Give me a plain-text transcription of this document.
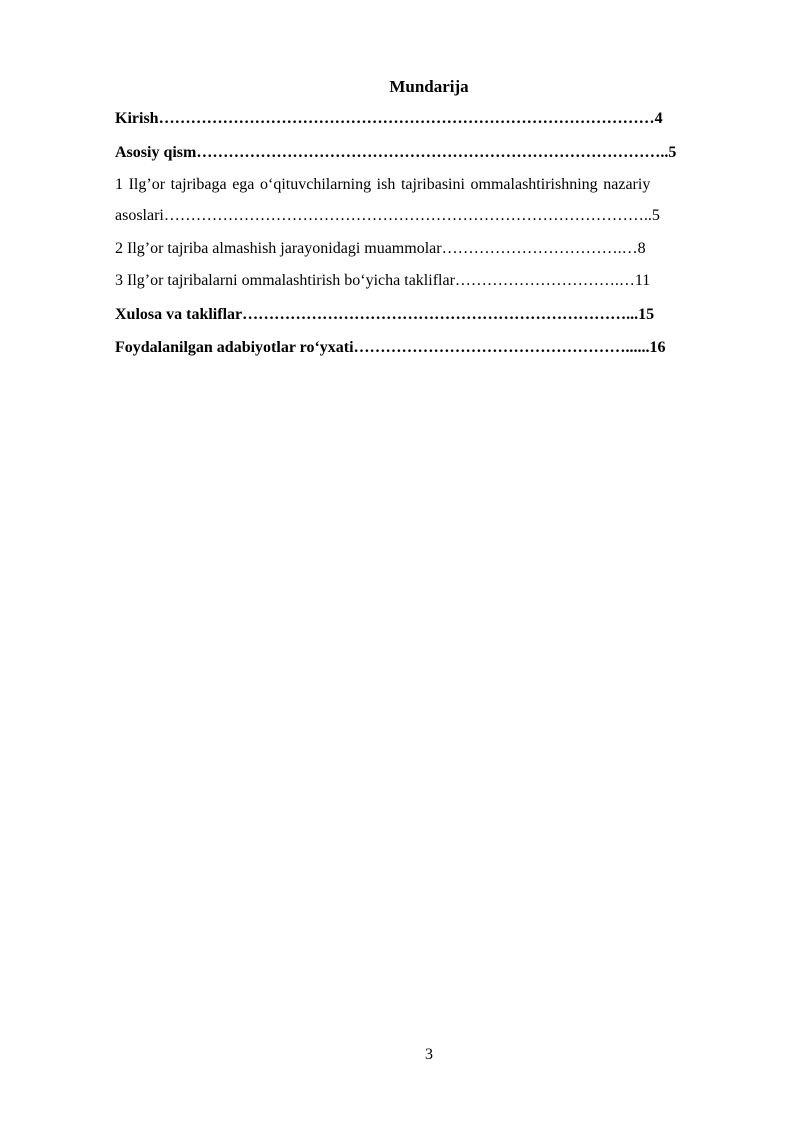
Mundarija
Kirish…………………………………………………………………………………4
Asosiy qism……………………………………………………………………………..5
1 Ilg’or tajribaga ega o‘qituvchilarning ish tajribasini ommalashtirishning nazariy
asoslari………………………………………………………………………………..5
2 Ilg’or tajriba almashish jarayonidagi muammolar…………………………….…8
3 Ilg’or tajribalarni ommalashtirish bo‘yicha takliflar………………………….…11
Xulosa va takliflar………………………………………………………………...15
Foydalanilgan adabiyotlar ro‘yxati……………………………………………......16
3
